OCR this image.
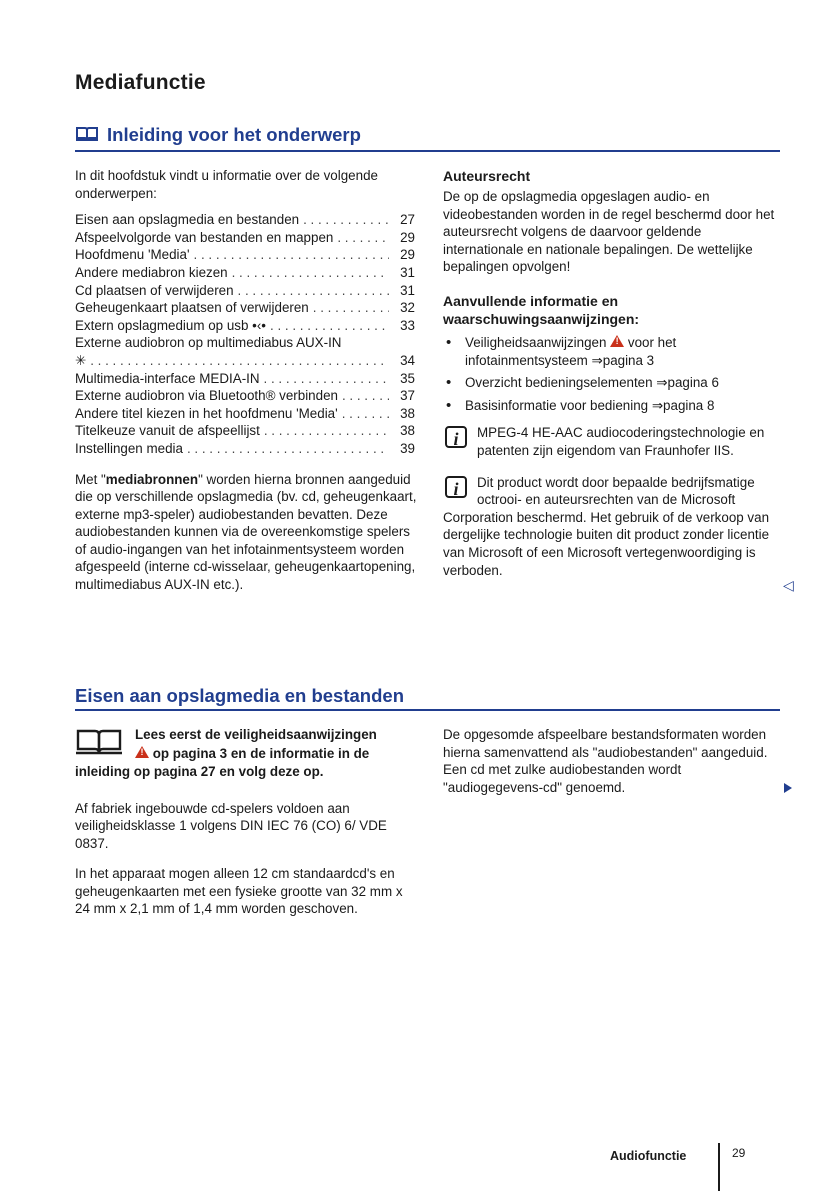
Mediafunctie
Inleiding voor het onderwerp

In dit hoofdstuk vindt u informatie over de volgende onderwerpen:

Eisen aan opslagmedia en bestanden . . .	27
Afspeelvolgorde van bestanden en mappen . . .	29
Hoofdmenu 'Media' . . .	29
Andere mediabron kiezen . . .	31
Cd plaatsen of verwijderen . . .	31
Geheugenkaart plaatsen of verwijderen . . .	32
Extern opslagmedium op usb •‹• . . .	33
Externe audiobron op multimediabus AUX-IN
✳ . . .	34
Multimedia-interface MEDIA-IN . . .	35
Externe audiobron via Bluetooth® verbinden . . .	37
Andere titel kiezen in het hoofdmenu 'Media' . . .	38
Titelkeuze vanuit de afspeellijst . . .	38
Instellingen media . . .	39

Met "mediabronnen" worden hierna bronnen aangeduid die op verschillende opslagmedia (bv. cd, geheugenkaart, externe mp3-speler) audiobestanden bevatten. Deze audiobestanden kunnen via de overeenkomstige spelers of audio-ingangen van het infotainmentsysteem worden afgespeeld (interne cd-wisselaar, geheugenkaartopening, multimediabus AUX-IN etc.).

Auteursrecht

De op de opslagmedia opgeslagen audio- en videobestanden worden in de regel beschermd door het auteursrecht volgens de daarvoor geldende internationale en nationale bepalingen. De wettelijke bepalingen opvolgen!

Aanvullende informatie en
waarschuwingsaanwijzingen:
• Veiligheidsaanwijzingen ! voor het infotainmentsysteem ⇒pagina 3
• Overzicht bedieningselementen ⇒pagina 6
• Basisinformatie voor bediening ⇒pagina 8
i	MPEG-4 HE-AAC audiocoderingstechnologie en patenten zijn eigendom van Fraunhofer IIS.

i	Dit product wordt door bepaalde bedrijfsmatige octrooi- en auteursrechten van de Microsoft Corporation beschermd. Het gebruik of de verkoop van dergelijke technologie buiten dit product zonder licentie van Microsoft of een Microsoft vertegenwoordiging is verboden.

◁
Eisen aan opslagmedia en bestanden

Lees eerst de veiligheidsaanwijzingen

! op pagina 3 en de informatie in de inleiding op pagina 27 en volg deze op.

Af fabriek ingebouwde cd-spelers voldoen aan veiligheidsklasse 1 volgens DIN IEC 76 (CO) 6/ VDE 0837.

In het apparaat mogen alleen 12 cm standaardcd's en geheugenkaarten met een fysieke grootte van 32 mm x 24 mm x 2,1 mm of 1,4 mm worden geschoven.

De opgesomde afspeelbare bestandsformaten worden hierna samenvattend als "audiobestanden" aangeduid. Een cd met zulke audiobestanden wordt "audiogegevens-cd" genoemd.

Audiofunctie	29
